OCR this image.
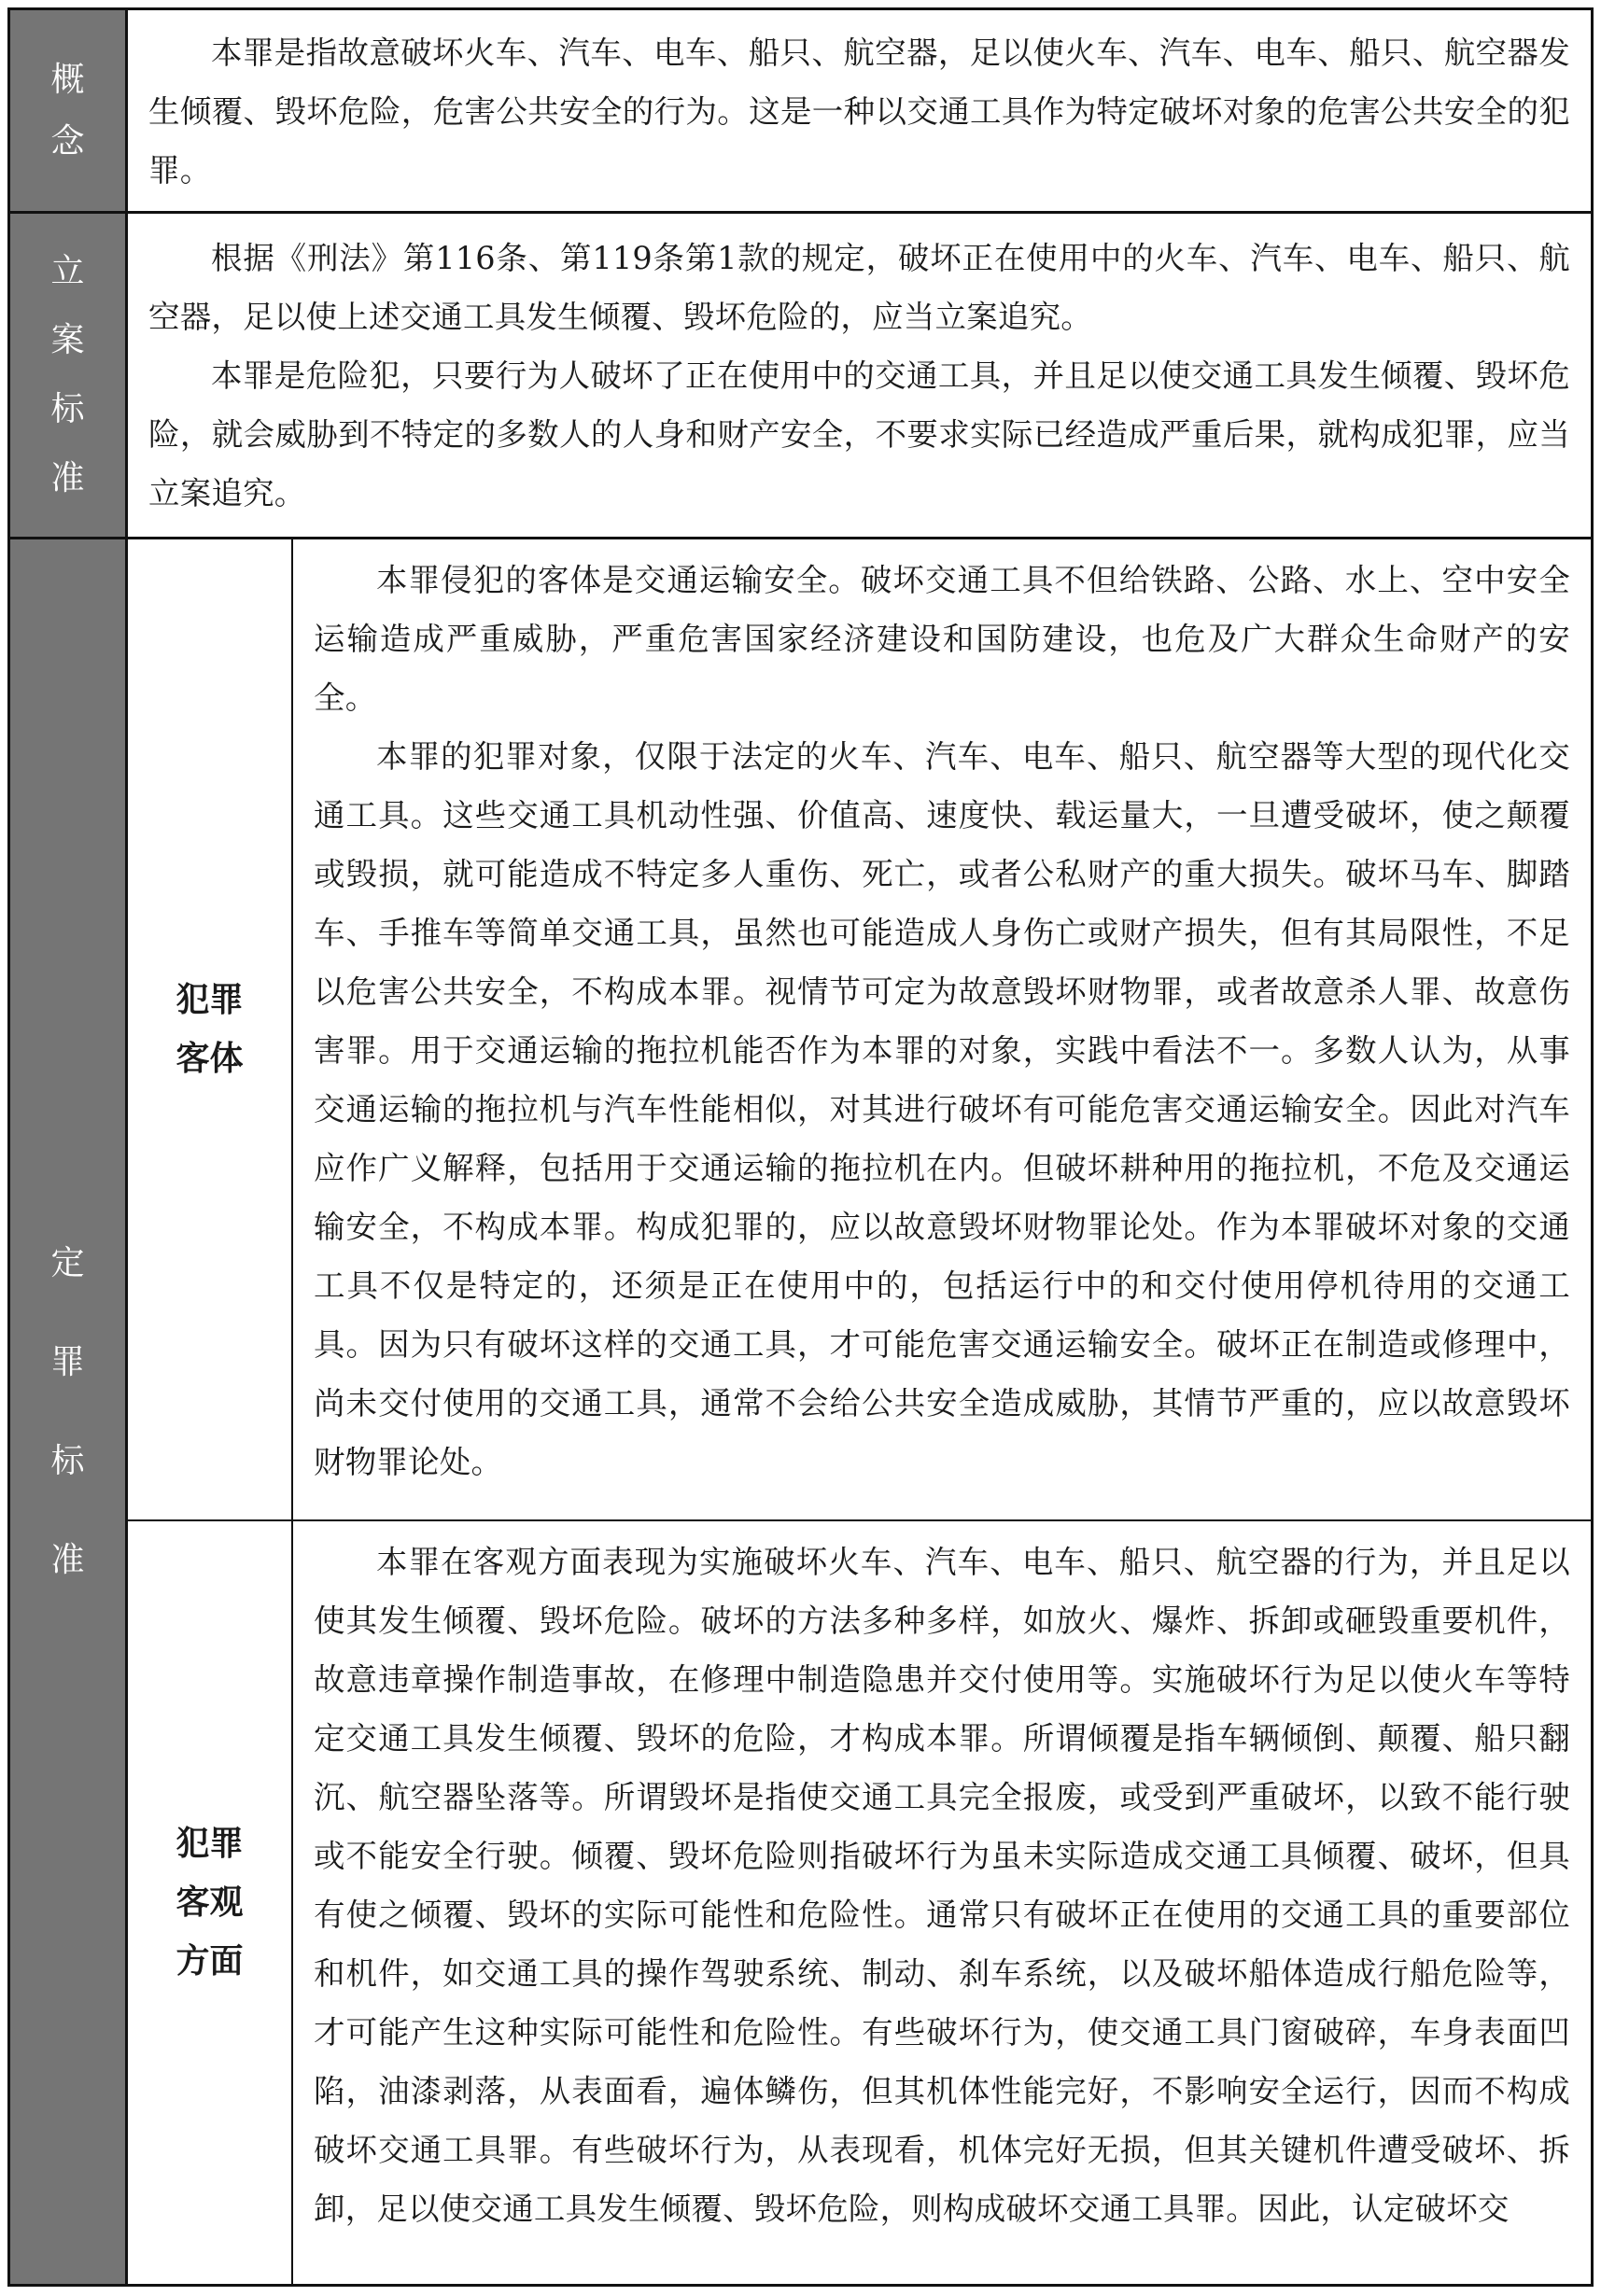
概
念

本罪是指故意破坏火车、汽车、电车、船只、航空器，足以使火车、汽车、电车、船只、航空器发生倾覆、毁坏危险，危害公共安全的行为。这是一种以交通工具作为特定破坏对象的危害公共安全的犯罪。

立
案
标
准

根据《刑法》第116条、第119条第1款的规定，破坏正在使用中的火车、汽车、电车、船只、航空器，足以使上述交通工具发生倾覆、毁坏危险的，应当立案追究。

本罪是危险犯，只要行为人破坏了正在使用中的交通工具，并且足以使交通工具发生倾覆、毁坏危险，就会威胁到不特定的多数人的人身和财产安全，不要求实际已经造成严重后果，就构成犯罪，应当立案追究。

定
罪
标
准
犯罪
客体

本罪侵犯的客体是交通运输安全。破坏交通工具不但给铁路、公路、水上、空中安全运输造成严重威胁，严重危害国家经济建设和国防建设，也危及广大群众生命财产的安全。

本罪的犯罪对象，仅限于法定的火车、汽车、电车、船只、航空器等大型的现代化交通工具。这些交通工具机动性强、价值高、速度快、载运量大，一旦遭受破坏，使之颠覆或毁损，就可能造成不特定多人重伤、死亡，或者公私财产的重大损失。破坏马车、脚踏车、手推车等简单交通工具，虽然也可能造成人身伤亡或财产损失，但有其局限性，不足以危害公共安全，不构成本罪。视情节可定为故意毁坏财物罪，或者故意杀人罪、故意伤害罪。用于交通运输的拖拉机能否作为本罪的对象，实践中看法不一。多数人认为，从事交通运输的拖拉机与汽车性能相似，对其进行破坏有可能危害交通运输安全。因此对汽车应作广义解释，包括用于交通运输的拖拉机在内。但破坏耕种用的拖拉机，不危及交通运输安全，不构成本罪。构成犯罪的，应以故意毁坏财物罪论处。作为本罪破坏对象的交通工具不仅是特定的，还须是正在使用中的，包括运行中的和交付使用停机待用的交通工具。因为只有破坏这样的交通工具，才可能危害交通运输安全。破坏正在制造或修理中，尚未交付使用的交通工具，通常不会给公共安全造成威胁，其情节严重的，应以故意毁坏财物罪论处。

犯罪
客观
方面

本罪在客观方面表现为实施破坏火车、汽车、电车、船只、航空器的行为，并且足以使其发生倾覆、毁坏危险。破坏的方法多种多样，如放火、爆炸、拆卸或砸毁重要机件，故意违章操作制造事故，在修理中制造隐患并交付使用等。实施破坏行为足以使火车等特定交通工具发生倾覆、毁坏的危险，才构成本罪。所谓倾覆是指车辆倾倒、颠覆、船只翻沉、航空器坠落等。所谓毁坏是指使交通工具完全报废，或受到严重破坏，以致不能行驶或不能安全行驶。倾覆、毁坏危险则指破坏行为虽未实际造成交通工具倾覆、破坏，但具有使之倾覆、毁坏的实际可能性和危险性。通常只有破坏正在使用的交通工具的重要部位和机件，如交通工具的操作驾驶系统、制动、刹车系统，以及破坏船体造成行船危险等，才可能产生这种实际可能性和危险性。有些破坏行为，使交通工具门窗破碎，车身表面凹陷，油漆剥落，从表面看，遍体鳞伤，但其机体性能完好，不影响安全运行，因而不构成破坏交通工具罪。有些破坏行为，从表现看，机体完好无损，但其关键机件遭受破坏、拆卸，足以使交通工具发生倾覆、毁坏危险，则构成破坏交通工具罪。因此，认定破坏交
